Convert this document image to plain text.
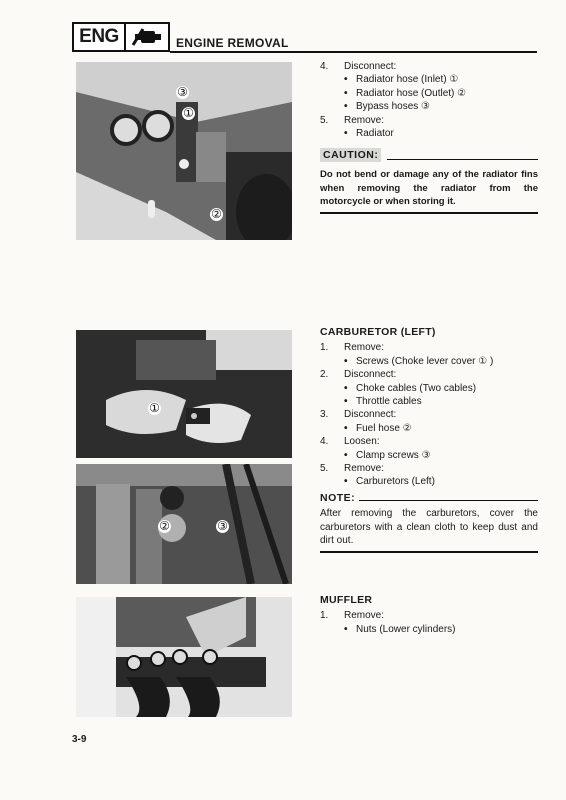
ENG	ENGINE REMOVAL
①
②
③
4.	Disconnect:
• Radiator hose (Inlet) ①
• Radiator hose (Outlet) ②
• Bypass hoses ③
5.	Remove:
• Radiator
CAUTION:
Do not bend or damage any of the radiator fins when removing the radiator from the motorcycle or when storing it.
①
②	③
CARBURETOR (LEFT)
1.	Remove:
• Screws (Choke lever cover ① )
2.	Disconnect:
• Choke cables (Two cables)
• Throttle cables
3.	Disconnect:
• Fuel hose ②
4.	Loosen:
• Clamp screws ③
5.	Remove:
• Carburetors (Left)
NOTE:
After removing the carburetors, cover the carburetors with a clean cloth to keep dust and dirt out.
MUFFLER
1.	Remove:
• Nuts (Lower cylinders)
3-9
